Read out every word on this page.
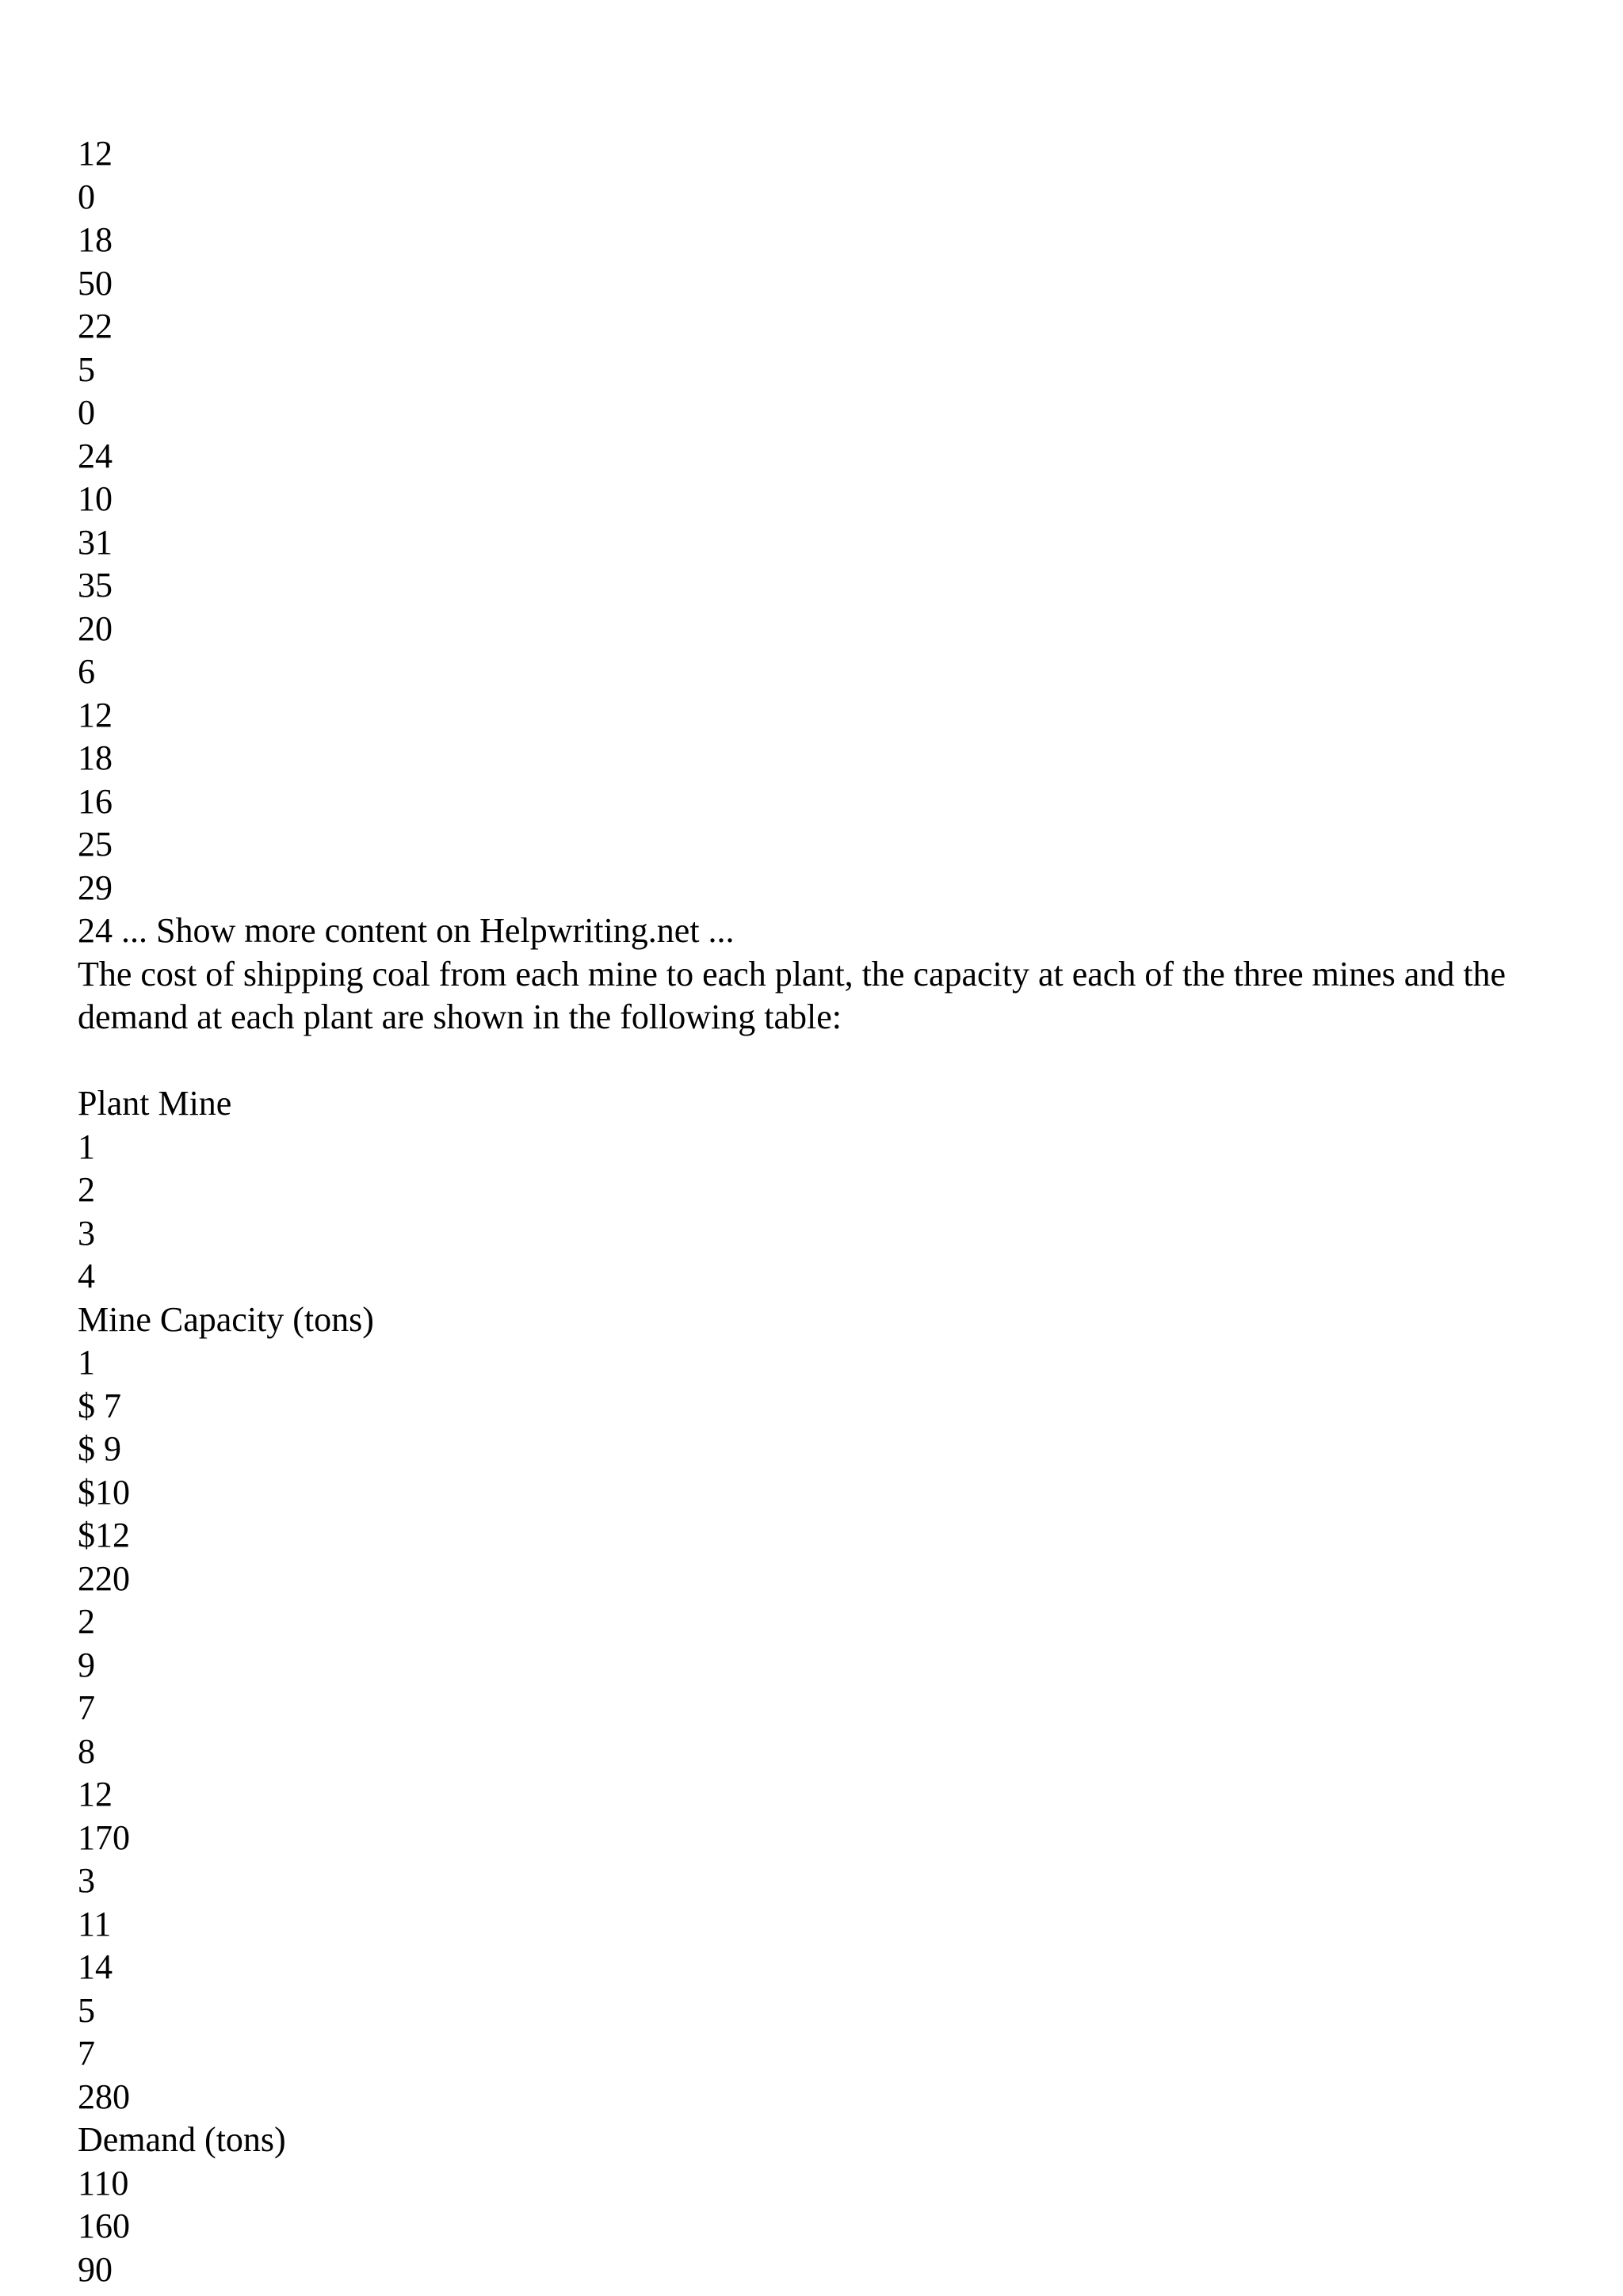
12
0
18
50
22
5
0
24
10
31
35
20
6
12
18
16
25
29
24 ... Show more content on Helpwriting.net ...
The cost of shipping coal from each mine to each plant, the capacity at each of the three mines and the demand at each plant are shown in the following table:
Plant Mine
1
2
3
4
Mine Capacity (tons)
1
$ 7
$ 9
$10
$12
220
2
9
7
8
12
170
3
11
14
5
7
280
Demand (tons)
110
160
90
